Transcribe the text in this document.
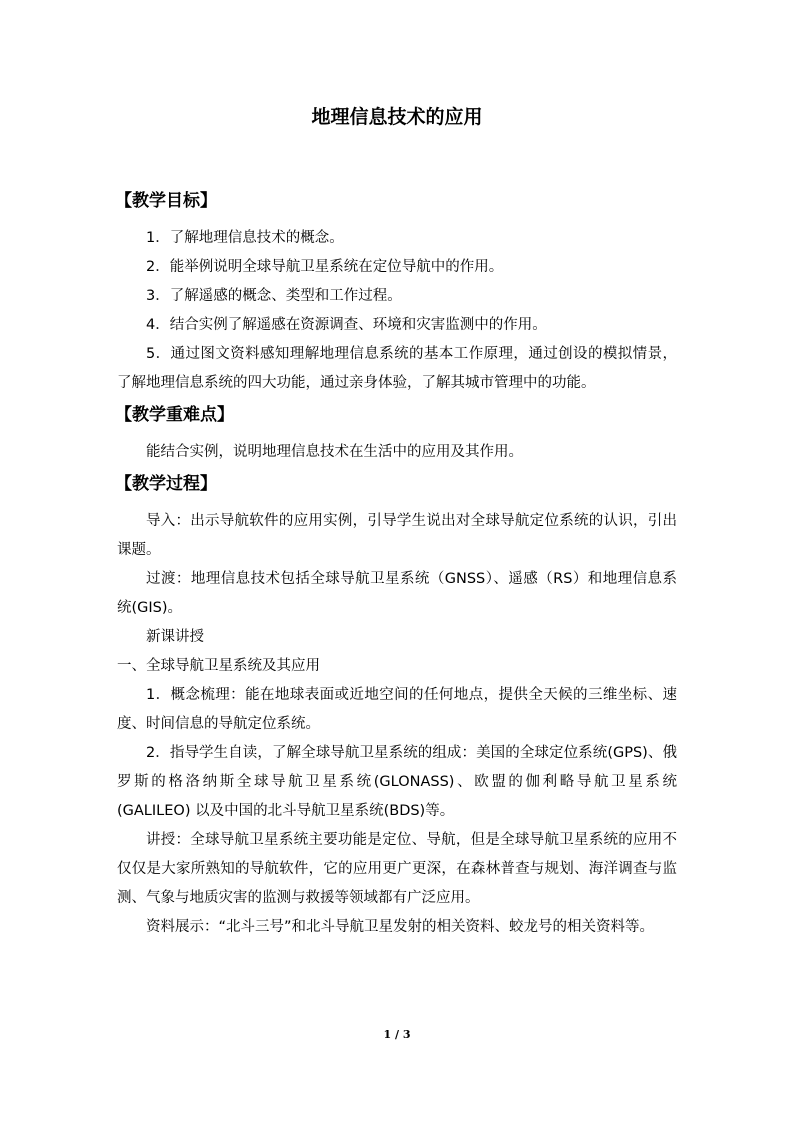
地理信息技术的应用
【教学目标】

1．了解地理信息技术的概念。

2．能举例说明全球导航卫星系统在定位导航中的作用。

3．了解遥感的概念、类型和工作过程。

4．结合实例了解遥感在资源调查、环境和灾害监测中的作用。

5．通过图文资料感知理解地理信息系统的基本工作原理，通过创设的模拟情景，了解地理信息系统的四大功能，通过亲身体验，了解其城市管理中的功能。

【教学重难点】

能结合实例，说明地理信息技术在生活中的应用及其作用。

【教学过程】

导入：出示导航软件的应用实例，引导学生说出对全球导航定位系统的认识，引出课题。

过渡：地理信息技术包括全球导航卫星系统（GNSS）、遥感（RS）和地理信息系统(GIS)。

新课讲授

一、全球导航卫星系统及其应用

1．概念梳理：能在地球表面或近地空间的任何地点，提供全天候的三维坐标、速度、时间信息的导航定位系统。

2．指导学生自读，了解全球导航卫星系统的组成：美国的全球定位系统(GPS)、俄罗斯的格洛纳斯全球导航卫星系统(GLONASS)、欧盟的伽利略导航卫星系统(GALILEO) 以及中国的北斗导航卫星系统(BDS)等。

讲授：全球导航卫星系统主要功能是定位、导航，但是全球导航卫星系统的应用不仅仅是大家所熟知的导航软件，它的应用更广更深，在森林普查与规划、海洋调查与监测、气象与地质灾害的监测与救援等领域都有广泛应用。

资料展示：“北斗三号”和北斗导航卫星发射的相关资料、蛟龙号的相关资料等。

1 / 3
